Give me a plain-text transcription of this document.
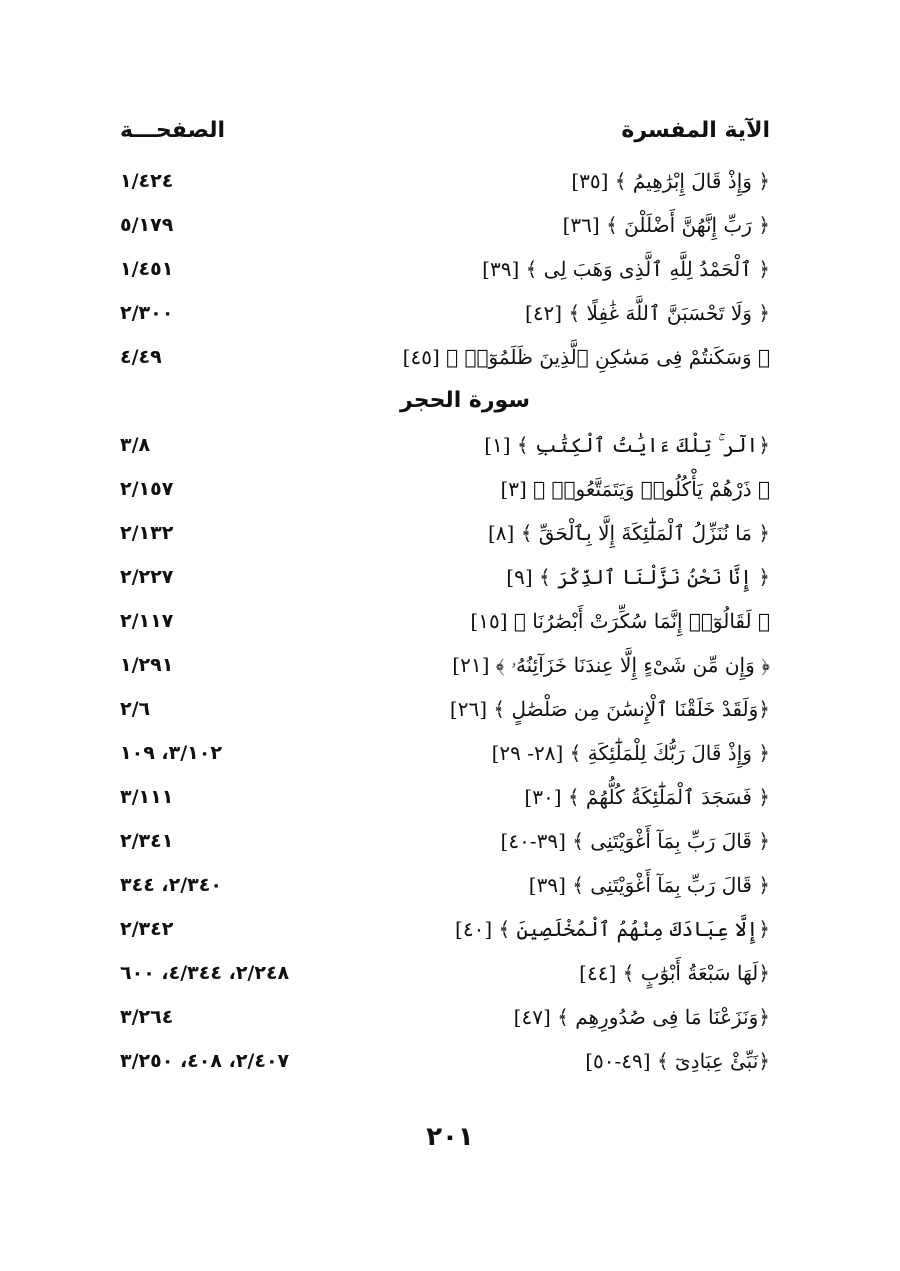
الآية المفسرة
الصفحـــة
﴿ وَإِذْ قَالَ إِبْرَٰهِيمُ ﴾ [٣٥]
١/٤٢٤
﴿ رَبِّ إِنَّهُنَّ أَضْلَلْنَ ﴾ [٣٦]
٥/١٧٩
﴿ ٱلْحَمْدُ لِلَّهِ ٱلَّذِى وَهَبَ لِى ﴾ [٣٩]
١/٤٥١
﴿ وَلَا تَحْسَبَنَّ ٱللَّهَ غَٰفِلًا ﴾ [٤٢]
٢/٣٠٠
﴿ وَسَكَنتُمْ فِى مَسَٰكِنِ ٱلَّذِينَ ظَلَمُوٓا۟ ﴾ [٤٥]
٤/٤٩
سورة الحجر
﴿الٓر ۚ تِلْكَ ءَايَٰتُ ٱلْكِتَٰبِ ﴾ [١]
٣/٨
﴿ ذَرْهُمْ يَأْكُلُوا۟ وَيَتَمَتَّعُوا۟ ﴾ [٣]
٢/١٥٧
﴿ مَا نُنَزِّلُ ٱلْمَلَٰٓئِكَةَ إِلَّا بِٱلْحَقِّ ﴾ [٨]
٢/١٣٢
﴿ إِنَّا نَحْنُ نَزَّلْنَا ٱلذِّكْرَ ﴾ [٩]
٢/٢٢٧
﴿ لَقَالُوٓا۟ إِنَّمَا سُكِّرَتْ أَبْصَٰرُنَا ﴾ [١٥]
٢/١١٧
﴿ وَإِن مِّن شَىْءٍ إِلَّا عِندَنَا خَزَآئِنُهُۥ ﴾ [٢١]
١/٢٩١
﴿وَلَقَدْ خَلَقْنَا ٱلْإِنسَٰنَ مِن صَلْصَٰلٍ ﴾ [٢٦]
٢/٦
﴿ وَإِذْ قَالَ رَبُّكَ لِلْمَلَٰٓئِكَةِ ﴾ [٢٨- ٢٩]
٣/١٠٢، ١٠٩
﴿ فَسَجَدَ ٱلْمَلَٰٓئِكَةُ كُلُّهُمْ ﴾ [٣٠]
٣/١١١
﴿ قَالَ رَبِّ بِمَآ أَغْوَيْتَنِى ﴾ [٣٩-٤٠]
٢/٣٤١
﴿ قَالَ رَبِّ بِمَآ أَغْوَيْتَنِى ﴾ [٣٩]
٢/٣٤٠، ٣٤٤
﴿إِلَّا عِبَادَكَ مِنْهُمُ ٱلْمُخْلَصِينَ ﴾ [٤٠]
٢/٣٤٢
﴿لَهَا سَبْعَةُ أَبْوَٰبٍ ﴾ [٤٤]
٢/٢٤٨، ٤/٣٤٤، ٦٠٠
﴿وَنَزَعْنَا مَا فِى صُدُورِهِم ﴾ [٤٧]
٣/٢٦٤
﴿نَبِّئْ عِبَادِىٓ ﴾ [٤٩-٥٠]
٢/٤٠٧، ٤٠٨، ٣/٢٥٠
٢٠١
